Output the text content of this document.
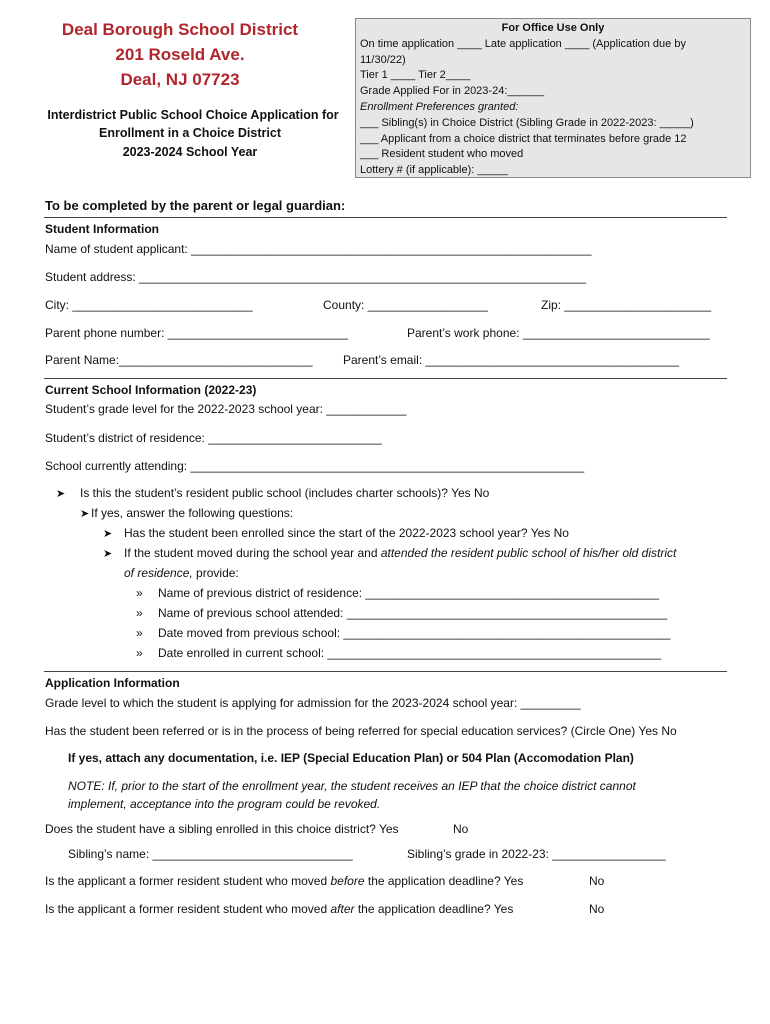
Deal Borough School District
201 Roseld Ave.
Deal, NJ 07723
Interdistrict Public School Choice Application for
Enrollment in a Choice District
2023-2024 School Year
For Office Use Only
On time application ____ Late application ____ (Application due by
11/30/22)
Tier 1 ____ Tier 2____
Grade Applied For in 2023-24:______
Enrollment Preferences granted:
___ Sibling(s) in Choice District (Sibling Grade in 2022-2023: _____)
___ Applicant from a choice district that terminates before grade 12
___ Resident student who moved
Lottery # (if applicable): _____
To be completed by the parent or legal guardian:
Student Information
Name of student applicant: ____________________________________________________________
Student address: ___________________________________________________________________
City: ___________________________	County: __________________	Zip: ______________________
Parent phone number: ___________________________	Parent’s work phone: ____________________________
Parent Name:_____________________________	Parent’s email: ______________________________________
Current School Information (2022-23)
Student’s grade level for the 2022-2023 school year: ____________
Student’s district of residence: __________________________
School currently attending: ___________________________________________________________
➤ Is this the student’s resident public school (includes charter schools)? Yes No
➤ If yes, answer the following questions:
➤ Has the student been enrolled since the start of the 2022-2023 school year? Yes No
➤ If the student moved during the school year and attended the resident public school of his/her old district
of residence, provide:
» Name of previous district of residence: ____________________________________________
» Name of previous school attended: ________________________________________________
» Date moved from previous school: _________________________________________________
» Date enrolled in current school: __________________________________________________
Application Information
Grade level to which the student is applying for admission for the 2023-2024 school year: _________
Has the student been referred or is in the process of being referred for special education services? (Circle One) Yes No
If yes, attach any documentation, i.e. IEP (Special Education Plan) or 504 Plan (Accomodation Plan)
NOTE: If, prior to the start of the enrollment year, the student receives an IEP that the choice district cannot
implement, acceptance into the program could be revoked.
Does the student have a sibling enrolled in this choice district? Yes	No
Sibling’s name: ______________________________	Sibling’s grade in 2022-23: _________________
Is the applicant a former resident student who moved before the application deadline? Yes	No
Is the applicant a former resident student who moved after the application deadline? Yes	No
